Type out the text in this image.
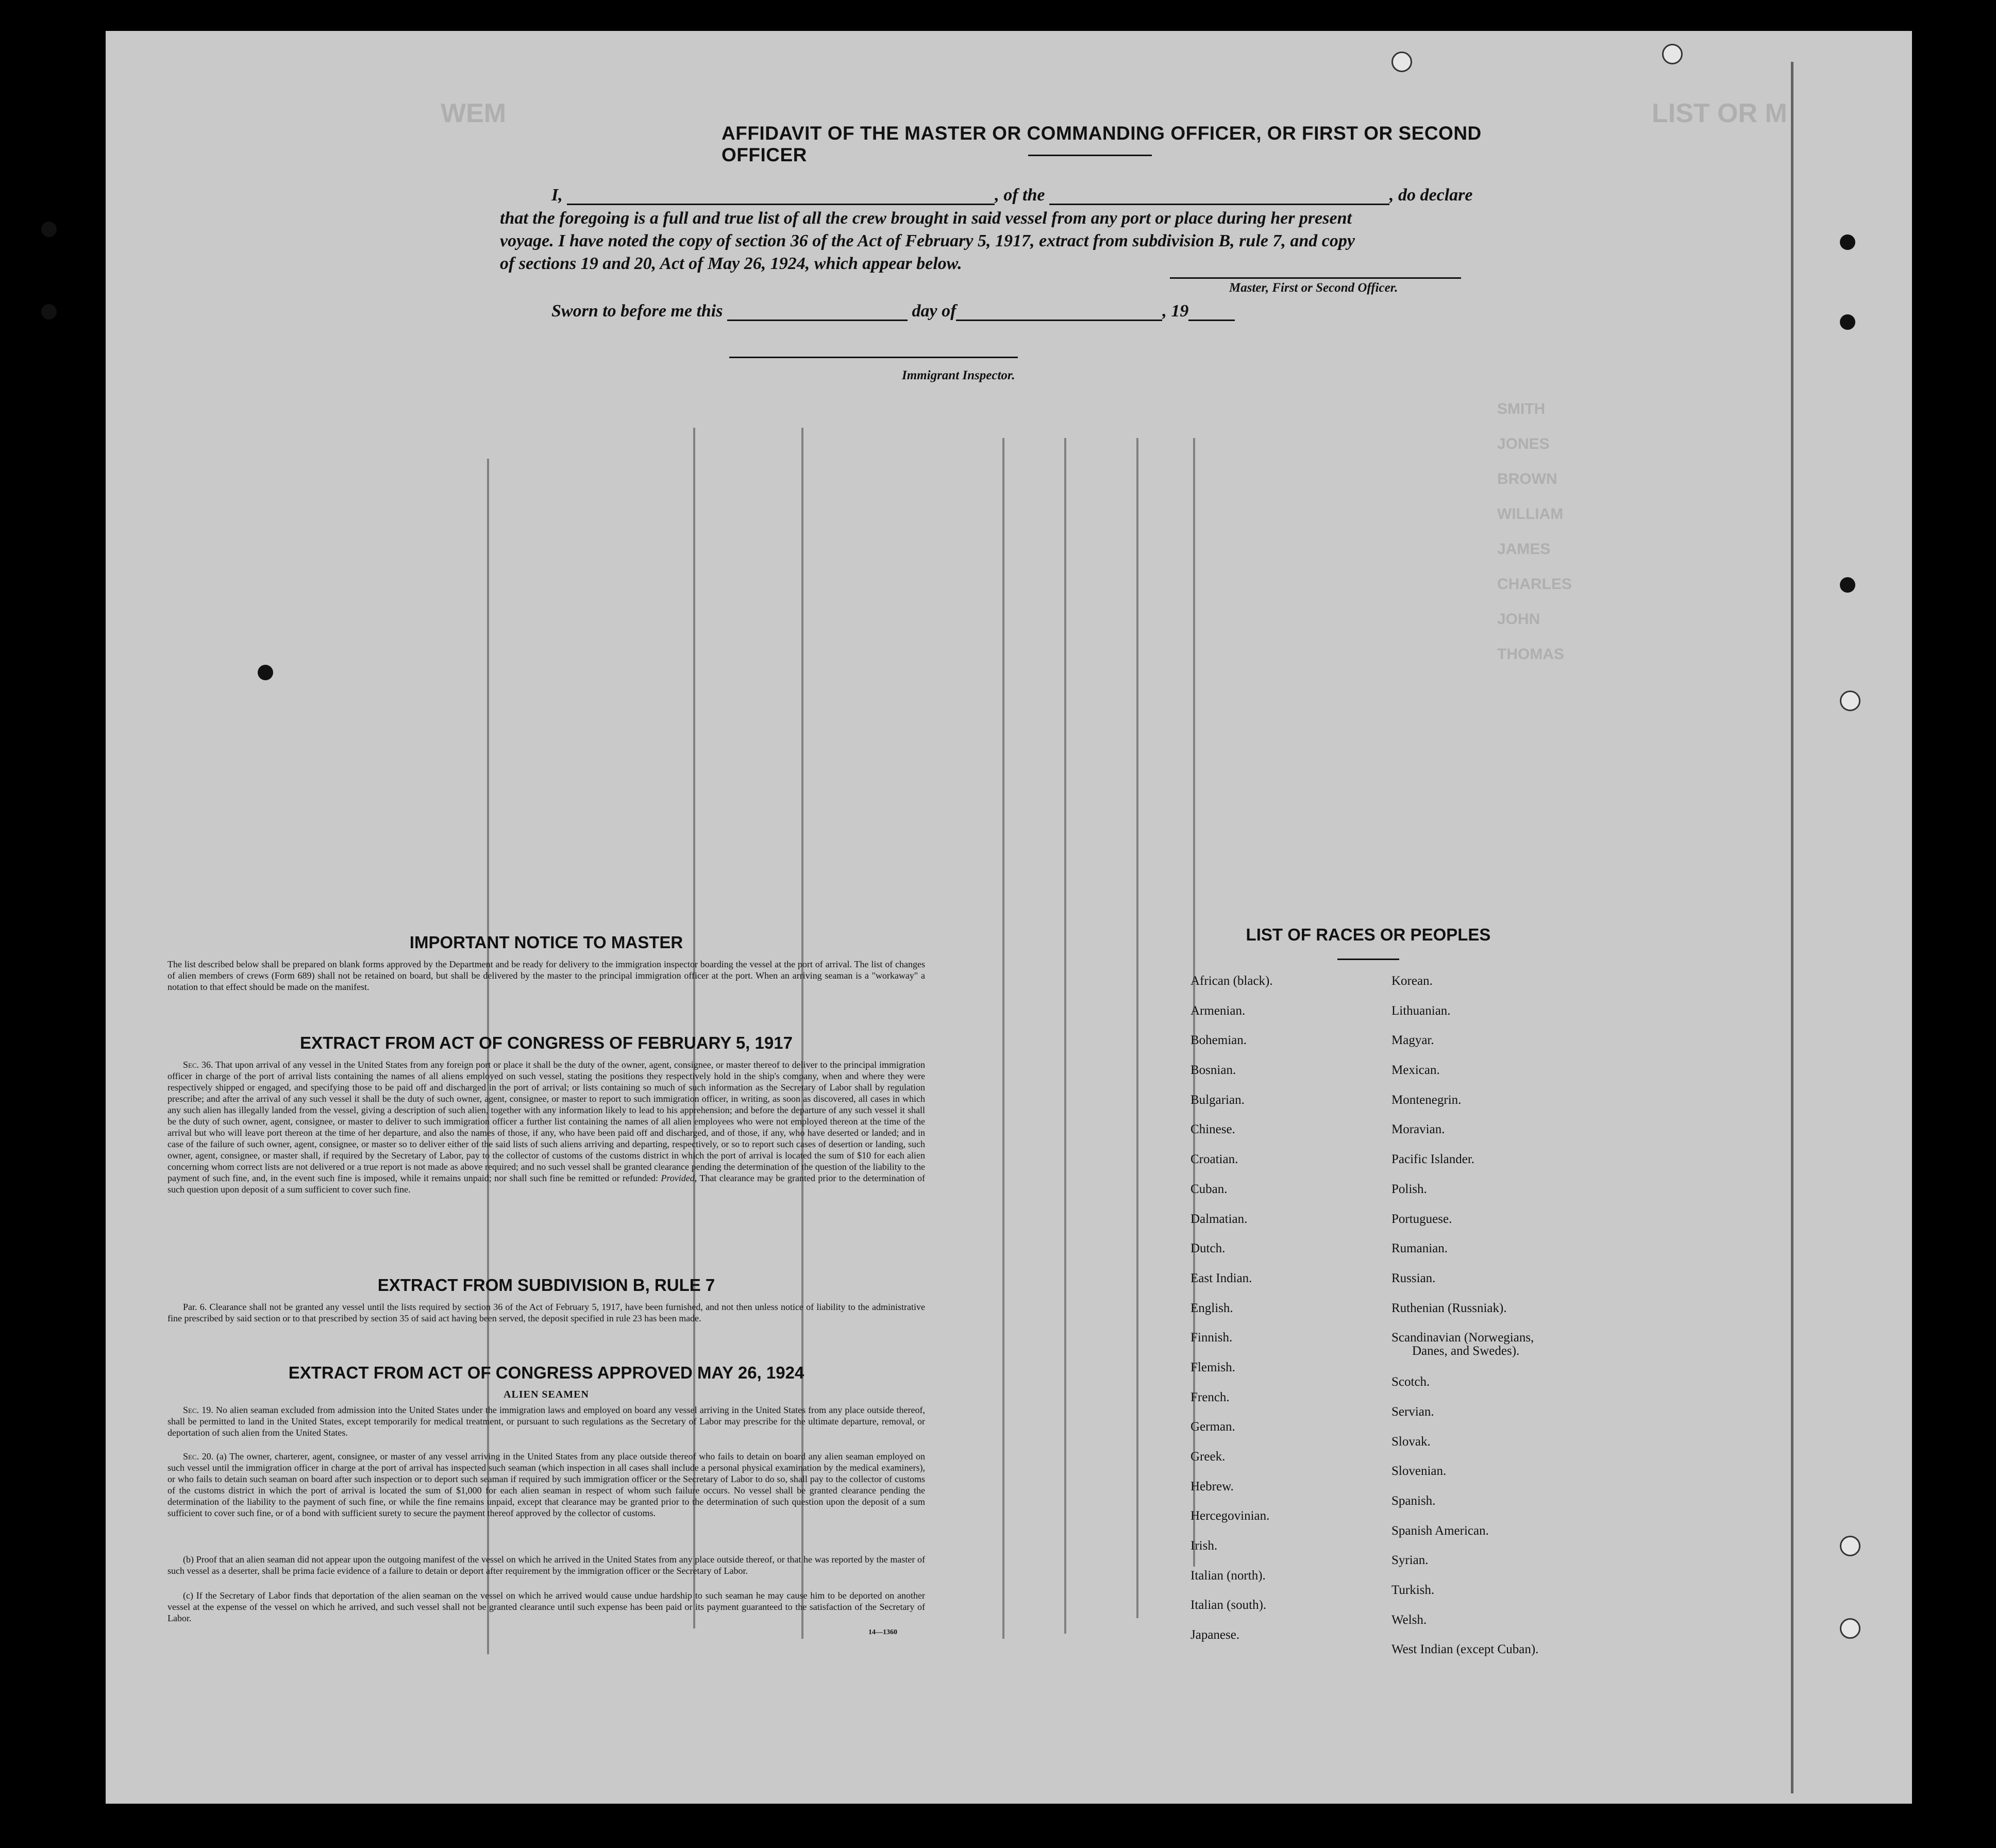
WEM	LIST OR M
SMITH
JONES
BROWN
WILLIAM
JAMES
CHARLES
JOHN
THOMAS
AFFIDAVIT OF THE MASTER OR COMMANDING OFFICER, OR FIRST OR SECOND OFFICER
I,	, of the	, do declare
that the foregoing is a full and true list of all the crew brought in said vessel from any port or place during her present
voyage. I have noted the copy of section 36 of the Act of February 5, 1917, extract from subdivision B, rule 7, and copy
of sections 19 and 20, Act of May 26, 1924, which appear below.
Master, First or Second Officer.
Sworn to before me this	day of	, 19
Immigrant Inspector.
IMPORTANT NOTICE TO MASTER
The list described below shall be prepared on blank forms approved by the Department and be ready for delivery to the immigration inspector boarding the vessel at the port of arrival. The list of changes of alien members of crews (Form 689) shall not be retained on board, but shall be delivered by the master to the principal immigration officer at the port. When an arriving seaman is a "workaway" a notation to that effect should be made on the manifest.
EXTRACT FROM ACT OF CONGRESS OF FEBRUARY 5, 1917
Sec. 36. That upon arrival of any vessel in the United States from any foreign port or place it shall be the duty of the owner, agent, consignee, or master thereof to deliver to the principal immigration officer in charge of the port of arrival lists containing the names of all aliens employed on such vessel, stating the positions they respectively hold in the ship's company, when and where they were respectively shipped or engaged, and specifying those to be paid off and discharged in the port of arrival; or lists containing so much of such information as the Secretary of Labor shall by regulation prescribe; and after the arrival of any such vessel it shall be the duty of such owner, agent, consignee, or master to report to such immigration officer, in writing, as soon as discovered, all cases in which any such alien has illegally landed from the vessel, giving a description of such alien, together with any information likely to lead to his apprehension; and before the departure of any such vessel it shall be the duty of such owner, agent, consignee, or master to deliver to such immigration officer a further list containing the names of all alien employees who were not employed thereon at the time of the arrival but who will leave port thereon at the time of her departure, and also the names of those, if any, who have been paid off and discharged, and of those, if any, who have deserted or landed; and in case of the failure of such owner, agent, consignee, or master so to deliver either of the said lists of such aliens arriving and departing, respectively, or so to report such cases of desertion or landing, such owner, agent, consignee, or master shall, if required by the Secretary of Labor, pay to the collector of customs of the customs district in which the port of arrival is located the sum of $10 for each alien concerning whom correct lists are not delivered or a true report is not made as above required; and no such vessel shall be granted clearance pending the determination of the question of the liability to the payment of such fine, and, in the event such fine is imposed, while it remains unpaid; nor shall such fine be remitted or refunded: Provided, That clearance may be granted prior to the determination of such question upon deposit of a sum sufficient to cover such fine.
EXTRACT FROM SUBDIVISION B, RULE 7
Par. 6. Clearance shall not be granted any vessel until the lists required by section 36 of the Act of February 5, 1917, have been furnished, and not then unless notice of liability to the administrative fine prescribed by said section or to that prescribed by section 35 of said act having been served, the deposit specified in rule 23 has been made.
EXTRACT FROM ACT OF CONGRESS APPROVED MAY 26, 1924
ALIEN SEAMEN
Sec. 19. No alien seaman excluded from admission into the United States under the immigration laws and employed on board any vessel arriving in the United States from any place outside thereof, shall be permitted to land in the United States, except temporarily for medical treatment, or pursuant to such regulations as the Secretary of Labor may prescribe for the ultimate departure, removal, or deportation of such alien from the United States.
Sec. 20. (a) The owner, charterer, agent, consignee, or master of any vessel arriving in the United States from any place outside thereof who fails to detain on board any alien seaman employed on such vessel until the immigration officer in charge at the port of arrival has inspected such seaman (which inspection in all cases shall include a personal physical examination by the medical examiners), or who fails to detain such seaman on board after such inspection or to deport such seaman if required by such immigration officer or the Secretary of Labor to do so, shall pay to the collector of customs of the customs district in which the port of arrival is located the sum of $1,000 for each alien seaman in respect of whom such failure occurs. No vessel shall be granted clearance pending the determination of the liability to the payment of such fine, or while the fine remains unpaid, except that clearance may be granted prior to the determination of such question upon the deposit of a sum sufficient to cover such fine, or of a bond with sufficient surety to secure the payment thereof approved by the collector of customs.
(b) Proof that an alien seaman did not appear upon the outgoing manifest of the vessel on which he arrived in the United States from any place outside thereof, or that he was reported by the master of such vessel as a deserter, shall be prima facie evidence of a failure to detain or deport after requirement by the immigration officer or the Secretary of Labor.
(c) If the Secretary of Labor finds that deportation of the alien seaman on the vessel on which he arrived would cause undue hardship to such seaman he may cause him to be deported on another vessel at the expense of the vessel on which he arrived, and such vessel shall not be granted clearance until such expense has been paid or its payment guaranteed to the satisfaction of the Secretary of Labor.
14—1360
LIST OF RACES OR PEOPLES
African (black).
Armenian.
Bohemian.
Bosnian.
Bulgarian.
Chinese.
Croatian.
Cuban.
Dalmatian.
Dutch.
East Indian.
English.
Finnish.
Flemish.
French.
German.
Greek.
Hebrew.
Hercegovinian.
Irish.
Italian (north).
Italian (south).
Japanese.
Korean.
Lithuanian.
Magyar.
Mexican.
Montenegrin.
Moravian.
Pacific Islander.
Polish.
Portuguese.
Rumanian.
Russian.
Ruthenian (Russniak).
Scandinavian (Norwegians,
Danes, and Swedes).
Scotch.
Servian.
Slovak.
Slovenian.
Spanish.
Spanish American.
Syrian.
Turkish.
Welsh.
West Indian (except Cuban).
